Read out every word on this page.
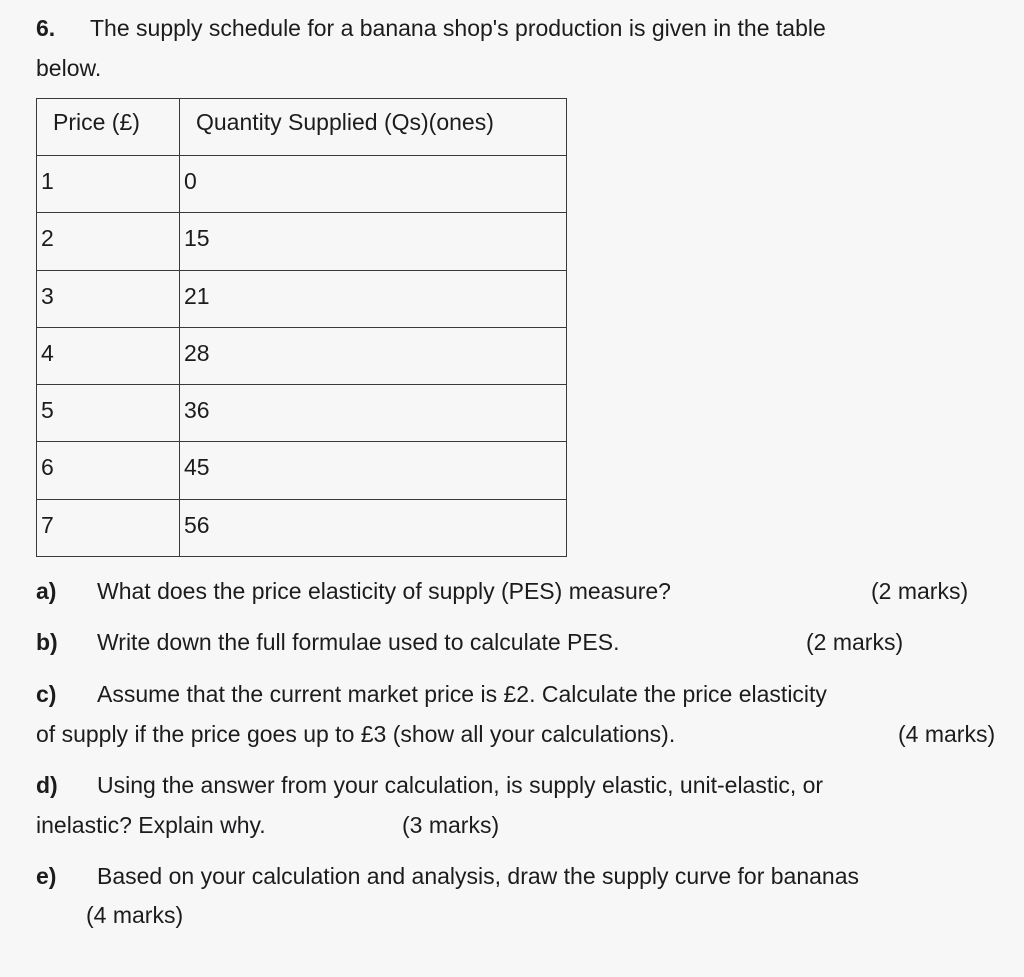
6. The supply schedule for a banana shop's production is given in the table
below.
Price (£)	Quantity Supplied (Qs)(ones)
1	0
2	15
3	21
4	28
5	36
6	45
7	56
a) What does the price elasticity of supply (PES) measure?	(2 marks)
b) Write down the full formulae used to calculate PES.	(2 marks)
c) Assume that the current market price is £2. Calculate the price elasticity
of supply if the price goes up to £3 (show all your calculations).	(4 marks)
d) Using the answer from your calculation, is supply elastic, unit-elastic, or
inelastic? Explain why.	(3 marks)
e) Based on your calculation and analysis, draw the supply curve for bananas
(4 marks)
